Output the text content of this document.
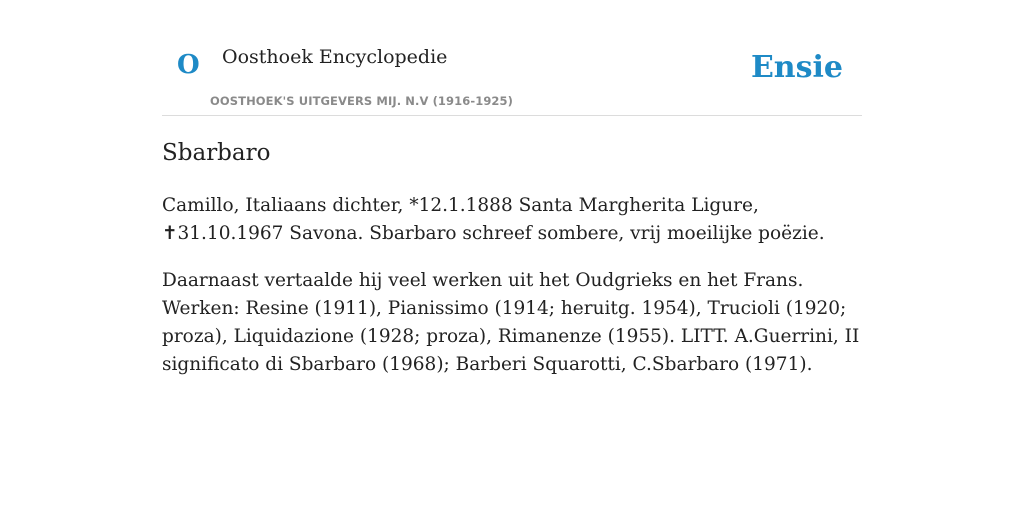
O Oosthoek Encyclopedie	Ensie
OOSTHOEK'S UITGEVERS MIJ. N.V (1916-1925)
Sbarbaro

Camillo, Italiaans dichter, *12.1.1888 Santa Margherita Ligure, ✝31.10.1967 Savona. Sbarbaro schreef sombere, vrij moeilijke poëzie.

Daarnaast vertaalde hij veel werken uit het Oudgrieks en het Frans. Werken: Resine (1911), Pianissimo (1914; heruitg. 1954), Trucioli (1920; proza), Liquidazione (1928; proza), Rimanenze (1955). LITT. A.Guerrini, II significato di Sbarbaro (1968); Barberi Squarotti, C.Sbarbaro (1971).
